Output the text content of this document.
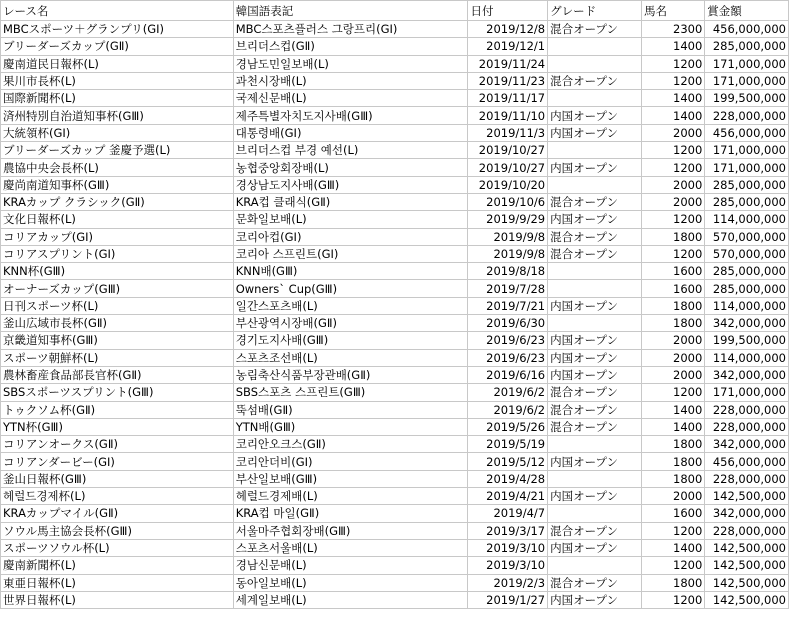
レース名	韓国語表記	日付	グレード	馬名	賞金額
MBCスポーツ＋グランプリ(GⅠ)	MBC스포츠플러스 그랑프리(GⅠ)	2019/12/8	混合オープン	2300	456,000,000
ブリーダーズカップ(GⅡ)	브리더스컵(GⅡ)	2019/12/1		1400	285,000,000
慶南道民日報杯(L)	경남도민일보배(L)	2019/11/24		1200	171,000,000
果川市長杯(L)	과천시장배(L)	2019/11/23	混合オープン	1200	171,000,000
国際新聞杯(L)	국제신문배(L)	2019/11/17		1400	199,500,000
済州特別自治道知事杯(GⅢ)	제주특별자치도지사배(GⅢ)	2019/11/10	内国オープン	1400	228,000,000
大統領杯(GⅠ)	대통령배(GⅠ)	2019/11/3	内国オープン	2000	456,000,000
ブリーダーズカップ 釜慶予選(L)	브리더스컵 부경 예선(L)	2019/10/27		1200	171,000,000
農協中央会長杯(L)	농협중앙회장배(L)	2019/10/27	内国オープン	1200	171,000,000
慶尚南道知事杯(GⅢ)	경상남도지사배(GⅢ)	2019/10/20		2000	285,000,000
KRAカップ クラシック(GⅡ)	KRA컵 클래식(GⅡ)	2019/10/6	混合オープン	2000	285,000,000
文化日報杯(L)	문화일보배(L)	2019/9/29	内国オープン	1200	114,000,000
コリアカップ(GⅠ)	코리아컵(GⅠ)	2019/9/8	混合オープン	1800	570,000,000
コリアスプリント(GⅠ)	코리아 스프린트(GⅠ)	2019/9/8	混合オープン	1200	570,000,000
KNN杯(GⅢ)	KNN배(GⅢ)	2019/8/18		1600	285,000,000
オーナーズカップ(GⅢ)	Owners` Cup(GⅢ)	2019/7/28		1600	285,000,000
日刊スポーツ杯(L)	일간스포츠배(L)	2019/7/21	内国オープン	1800	114,000,000
釜山広域市長杯(GⅡ)	부산광역시장배(GⅡ)	2019/6/30		1800	342,000,000
京畿道知事杯(GⅢ)	경기도지사배(GⅢ)	2019/6/23	内国オープン	2000	199,500,000
スポーツ朝鮮杯(L)	스포츠조선배(L)	2019/6/23	内国オープン	2000	114,000,000
農林畜産食品部長官杯(GⅡ)	농림축산식품부장관배(GⅡ)	2019/6/16	内国オープン	2000	342,000,000
SBSスポーツスプリント(GⅢ)	SBS스포츠 스프린트(GⅢ)	2019/6/2	混合オープン	1200	171,000,000
トゥクソム杯(GⅡ)	뚝섬배(GⅡ)	2019/6/2	混合オープン	1400	228,000,000
YTN杯(GⅢ)	YTN배(GⅢ)	2019/5/26	混合オープン	1400	228,000,000
コリアンオークス(GⅡ)	코리안오크스(GⅡ)	2019/5/19		1800	342,000,000
コリアンダービー(GⅠ)	코리안더비(GⅠ)	2019/5/12	内国オープン	1800	456,000,000
釜山日報杯(GⅢ)	부산일보배(GⅢ)	2019/4/28		1800	228,000,000
헤럴드경제杯(L)	헤럴드경제배(L)	2019/4/21	内国オープン	2000	142,500,000
KRAカップマイル(GⅡ)	KRA컵 마일(GⅡ)	2019/4/7		1600	342,000,000
ソウル馬主協会長杯(GⅢ)	서울마주협회장배(GⅢ)	2019/3/17	混合オープン	1200	228,000,000
スポーツソウル杯(L)	스포츠서울배(L)	2019/3/10	内国オープン	1400	142,500,000
慶南新聞杯(L)	경남신문배(L)	2019/3/10		1200	142,500,000
東亜日報杯(L)	동아일보배(L)	2019/2/3	混合オープン	1800	142,500,000
世界日報杯(L)	세계일보배(L)	2019/1/27	内国オープン	1200	142,500,000
